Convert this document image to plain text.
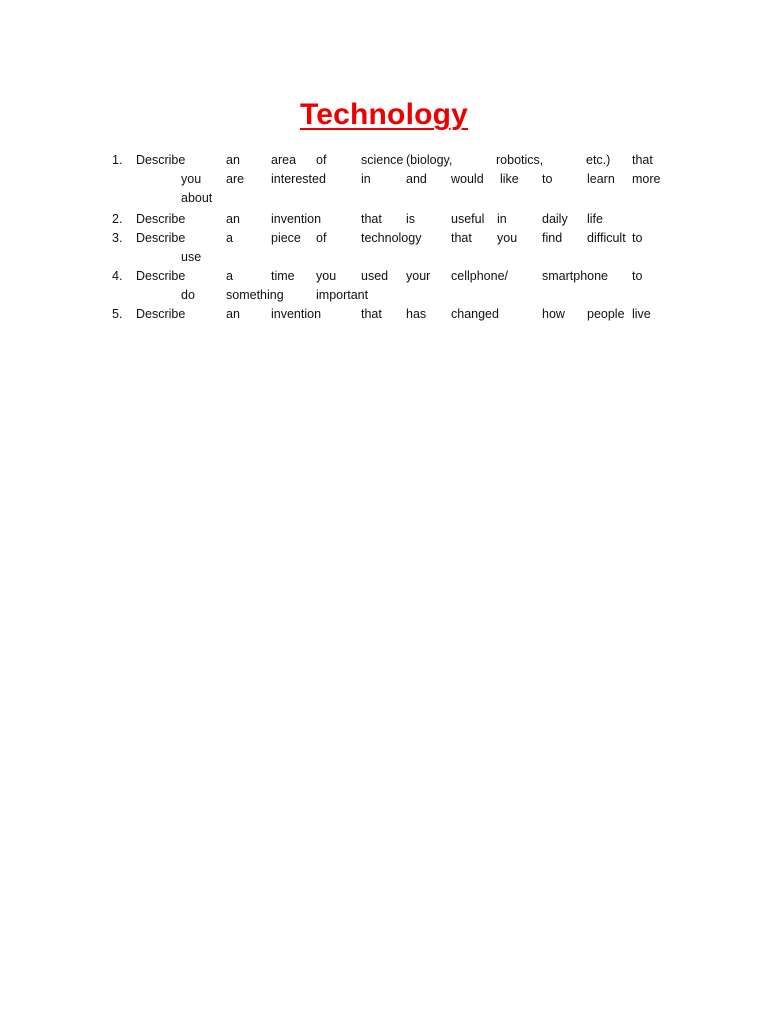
Technology
1. Describe	an area of	science (biology,	robotics,	etc.) that
you are interested	in	and would like to	learn more
about
2. Describe	an invention	that is	useful in	daily life
3. Describe	a	piece of	technology that you find difficult to
use
4. Describe	a	time you used your cellphone/	smartphone to
do something	important
5. Describe	an invention	that has changed	how people live
